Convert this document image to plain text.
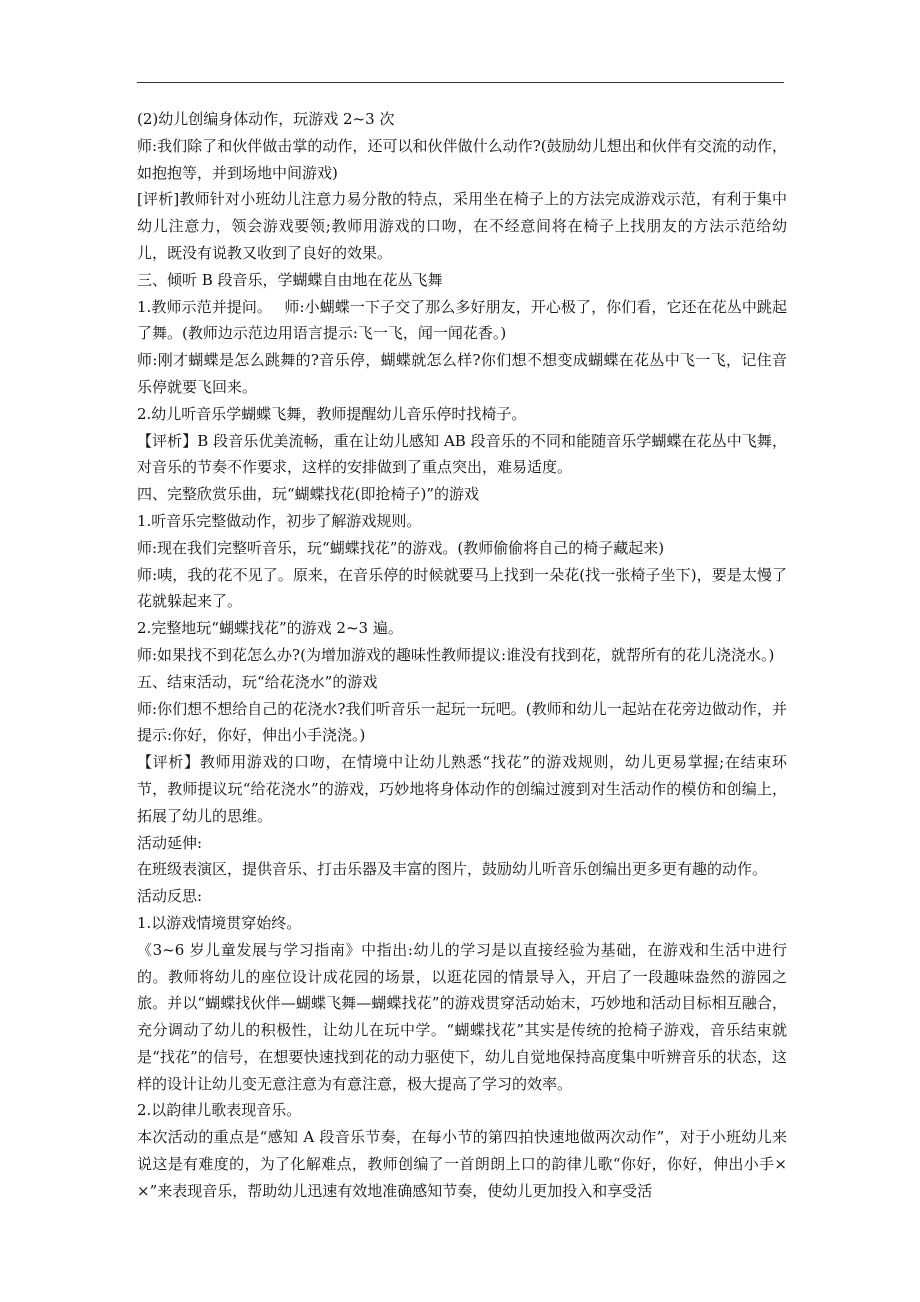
(2)幼儿创编身体动作，玩游戏 2~3 次

师:我们除了和伙伴做击掌的动作，还可以和伙伴做什么动作?(鼓励幼儿想出和伙伴有交流的动作，如抱抱等，并到场地中间游戏)

[评析]教师针对小班幼儿注意力易分散的特点，采用坐在椅子上的方法完成游戏示范，有利于集中幼儿注意力，领会游戏要领;教师用游戏的口吻，在不经意间将在椅子上找朋友的方法示范给幼儿，既没有说教又收到了良好的效果。

三、倾听 B 段音乐，学蝴蝶自由地在花丛飞舞

1.教师示范并提问。　 师:小蝴蝶一下子交了那么多好朋友，开心极了，你们看，它还在花丛中跳起了舞。(教师边示范边用语言提示:飞一飞，闻一闻花香。)

师:刚才蝴蝶是怎么跳舞的?音乐停，蝴蝶就怎么样?你们想不想变成蝴蝶在花丛中飞一飞，记住音乐停就要飞回来。

2.幼儿听音乐学蝴蝶飞舞，教师提醒幼儿音乐停时找椅子。

【评析】B 段音乐优美流畅，重在让幼儿感知 AB 段音乐的不同和能随音乐学蝴蝶在花丛中飞舞，对音乐的节奏不作要求，这样的安排做到了重点突出，难易适度。

四、完整欣赏乐曲，玩“蝴蝶找花(即抢椅子)”的游戏

1.听音乐完整做动作，初步了解游戏规则。

师:现在我们完整听音乐，玩“蝴蝶找花”的游戏。(教师偷偷将自己的椅子藏起来)

师:咦，我的花不见了。原来，在音乐停的时候就要马上找到一朵花(找一张椅子坐下)，要是太慢了花就躲起来了。

2.完整地玩“蝴蝶找花”的游戏 2~3 遍。

师:如果找不到花怎么办?(为增加游戏的趣味性教师提议:谁没有找到花，就帮所有的花儿浇浇水。)

五、结束活动，玩“给花浇水”的游戏

师:你们想不想给自己的花浇水?我们听音乐一起玩一玩吧。(教师和幼儿一起站在花旁边做动作，并提示:你好，你好，伸出小手浇浇。)

【评析】教师用游戏的口吻，在情境中让幼儿熟悉“找花”的游戏规则，幼儿更易掌握;在结束环节，教师提议玩“给花浇水”的游戏，巧妙地将身体动作的创编过渡到对生活动作的模仿和创编上，拓展了幼儿的思维。

活动延伸:

在班级表演区，提供音乐、打击乐器及丰富的图片，鼓励幼儿听音乐创编出更多更有趣的动作。

活动反思:

1.以游戏情境贯穿始终。

《3~6 岁儿童发展与学习指南》中指出:幼儿的学习是以直接经验为基础，在游戏和生活中进行的。教师将幼儿的座位设计成花园的场景，以逛花园的情景导入，开启了一段趣味盎然的游园之旅。并以“蝴蝶找伙伴—蝴蝶飞舞—蝴蝶找花”的游戏贯穿活动始末，巧妙地和活动目标相互融合，充分调动了幼儿的积极性，让幼儿在玩中学。“蝴蝶找花”其实是传统的抢椅子游戏，音乐结束就是“找花”的信号，在想要快速找到花的动力驱使下，幼儿自觉地保持高度集中听辨音乐的状态，这样的设计让幼儿变无意注意为有意注意，极大提高了学习的效率。

2.以韵律儿歌表现音乐。

本次活动的重点是“感知 A 段音乐节奏，在每小节的第四拍快速地做两次动作”，对于小班幼儿来说这是有难度的，为了化解难点，教师创编了一首朗朗上口的韵律儿歌“你好，你好，伸出小手××”来表现音乐，帮助幼儿迅速有效地准确感知节奏，使幼儿更加投入和享受活
